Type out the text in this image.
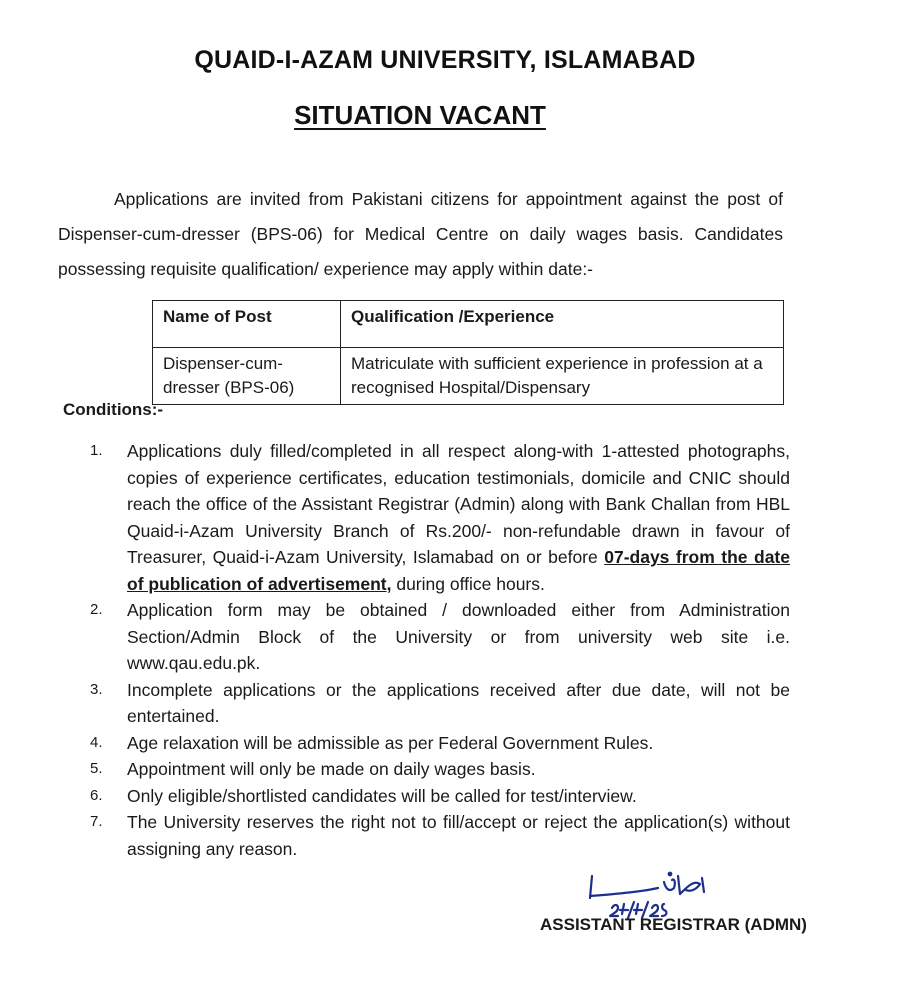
QUAID-I-AZAM UNIVERSITY, ISLAMABAD
SITUATION VACANT
Applications are invited from Pakistani citizens for appointment against the post of Dispenser-cum-dresser (BPS-06) for Medical Centre on daily wages basis. Candidates possessing requisite qualification/ experience may apply within date:-
Name of Post	Qualification /Experience
Dispenser-cum-dresser (BPS-06)	Matriculate with sufficient experience in profession at a recognised Hospital/Dispensary
Conditions:-
1.	Applications duly filled/completed in all respect along-with 1-attested photographs, copies of experience certificates, education testimonials, domicile and CNIC should reach the office of the Assistant Registrar (Admin) along with Bank Challan from HBL Quaid-i-Azam University Branch of Rs.200/- non-refundable drawn in favour of Treasurer, Quaid-i-Azam University, Islamabad on or before 07-days from the date of publication of advertisement, during office hours.
2.	Application form may be obtained / downloaded either from Administration Section/Admin Block of the University or from university web site i.e. www.qau.edu.pk.
3.	Incomplete applications or the applications received after due date, will not be entertained.
4.	Age relaxation will be admissible as per Federal Government Rules.
5.	Appointment will only be made on daily wages basis.
6.	Only eligible/shortlisted candidates will be called for test/interview.
7.	The University reserves the right not to fill/accept or reject the application(s) without assigning any reason.
ASSISTANT REGISTRAR (ADMN)
